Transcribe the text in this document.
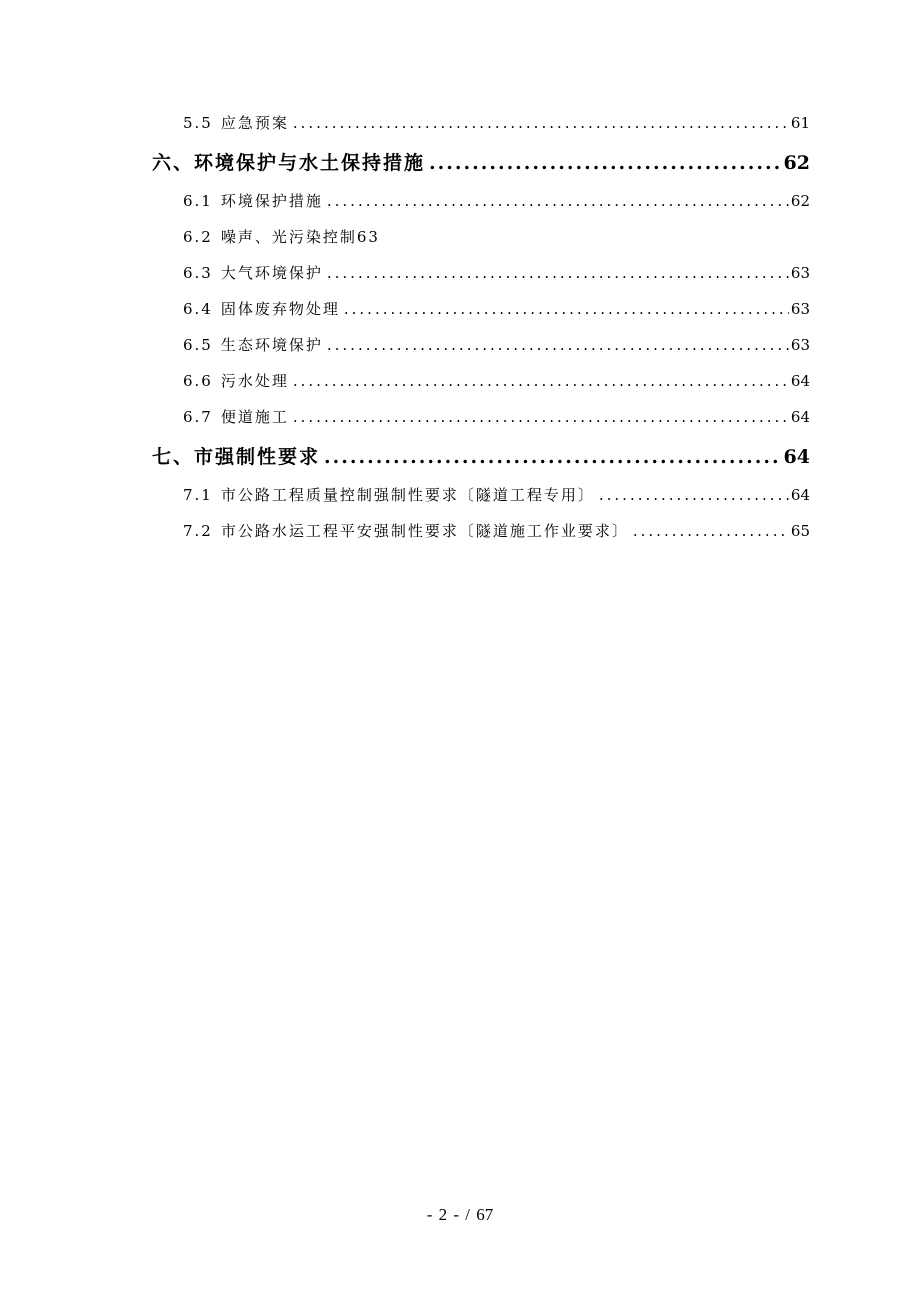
5.5 应急预案 .....	61
六、环境保护与水土保持措施 .....	62
6.1 环境保护措施 .....	62
6.2 噪声、光污染控制63
6.3 大气环境保护 .....	63
6.4 固体废弃物处理 .....	63
6.5 生态环境保护 .....	63
6.6 污水处理 .....	64
6.7 便道施工 .....	64
七、市强制性要求 .....	64
7.1 市公路工程质量控制强制性要求〔隧道工程专用〕 .....	64
7.2 市公路水运工程平安强制性要求〔隧道施工作业要求〕 .....	65
- 2 - / 67
